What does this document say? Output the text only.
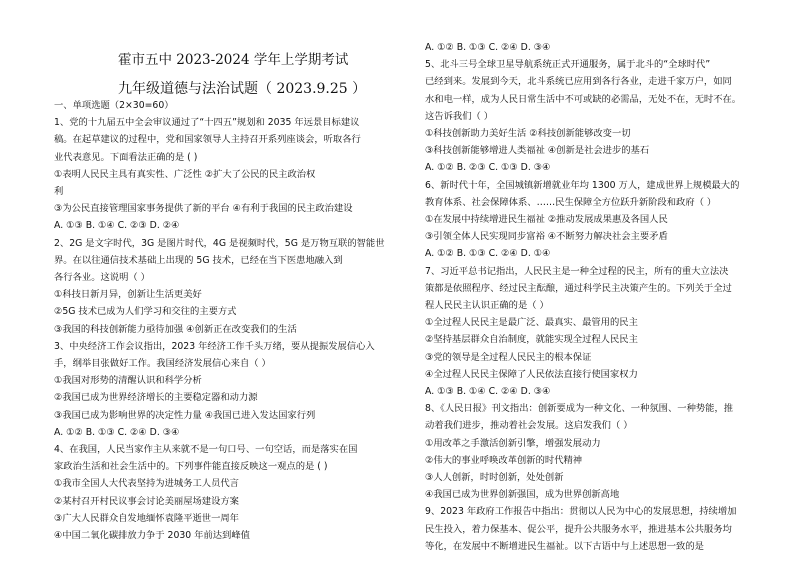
霍市五中 2023-2024 学年上学期考试
九年级道德与法治试题（ 2023.9.25 ）
一、单项选题（2×30=60）
1、党的十九届五中全会审议通过了“十四五”规划和 2035 年远景目标建议
稿。在起草建议的过程中，党和国家领导人主持召开系列座谈会，听取各行
业代表意见。下面看法正确的是 ( )
①表明人民民主具有真实性、广泛性 ②扩大了公民的民主政治权
利
③为公民直接管理国家事务提供了新的平台 ④有利于我国的民主政治建设
A. ①③ B. ①④ C. ②③ D. ②④
2、2G 是文字时代，3G 是图片时代，4G 是视频时代，5G 是万物互联的智能世
界。在以往通信技术基础上出现的 5G 技术，已经在当下医患地融入到
各行各业。这说明（ ）
①科技日新月异，创新让生活更美好
②5G 技术已成为人们学习和交往的主要方式
③我国的科技创新能力亟待加强 ④创新正在改变我们的生活
3、中央经济工作会议指出，2023 年经济工作千头万绪，要从提振发展信心入
手，纲举目张做好工作。我国经济发展信心来自（ ）
①我国对形势的清醒认识和科学分析
②我国已成为世界经济增长的主要稳定器和动力源
③我国已成为影响世界的决定性力量 ④我国已进入发达国家行列
A. ①② B. ①③ C. ②④ D. ③④
4、在我国，人民当家作主从来就不是一句口号、一句空话，而是落实在国
家政治生活和社会生活中的。下列事件能直接反映这一观点的是 ( )
①我市全国人大代表坚持为进城务工人员代言
②某村召开村民议事会讨论美丽屋场建设方案
③广大人民群众自发地缅怀袁隆平逝世一周年
④中国二氧化碳排放力争于 2030 年前达到峰值
A. ①② B. ①③ C. ②④ D. ③④
5、北斗三号全球卫星导航系统正式开通服务，属于北斗的“全球时代”
已经到来。发展到今天，北斗系统已应用到各行各业，走进千家万户，如同
水和电一样，成为人民日常生活中不可或缺的必需品，无处不在，无时不在。
这告诉我们（ ）
①科技创新助力美好生活 ②科技创新能够改变一切
③科技创新能够增进人类福祉 ④创新是社会进步的基石
A. ①② B. ②③ C. ①③ D. ③④
6、新时代十年，全国城镇新增就业年均 1300 万人，建成世界上规模最大的
教育体系、社会保障体系、……民生保障全方位跃升新阶段和政府（ ）
①在发展中持续增进民生福祉 ②推动发展成果惠及各国人民
③引领全体人民实现同步富裕 ④不断努力解决社会主要矛盾
A. ①② B. ①③ C. ②④ D. ①④
7、习近平总书记指出，人民民主是一种全过程的民主，所有的重大立法决
策都是依照程序、经过民主酝酿，通过科学民主决策产生的。下列关于全过
程人民民主认识正确的是（ ）
①全过程人民民主是最广泛、最真实、最管用的民主
②坚持基层群众自治制度，就能实现全过程人民民主
③党的领导是全过程人民民主的根本保证
④全过程人民民主保障了人民依法直接行使国家权力
A. ①③ B. ①④ C. ②④ D. ③④
8、《人民日报》刊文指出：创新要成为一种文化、一种氛围、一种势能，推
动着我们进步，推动着社会发展。这启发我们（ ）
①用改革之手激活创新引擎，增强发展动力
②伟大的事业呼唤改革创新的时代精神
③人人创新，时时创新，处处创新
④我国已成为世界创新强国，成为世界创新高地
9、2023 年政府工作报告中指出：贯彻以人民为中心的发展思想，持续增加
民生投入，着力保基本、促公平，提升公共服务水平，推进基本公共服务均
等化，在发展中不断增进民生福祉。以下古语中与上述思想一致的是
